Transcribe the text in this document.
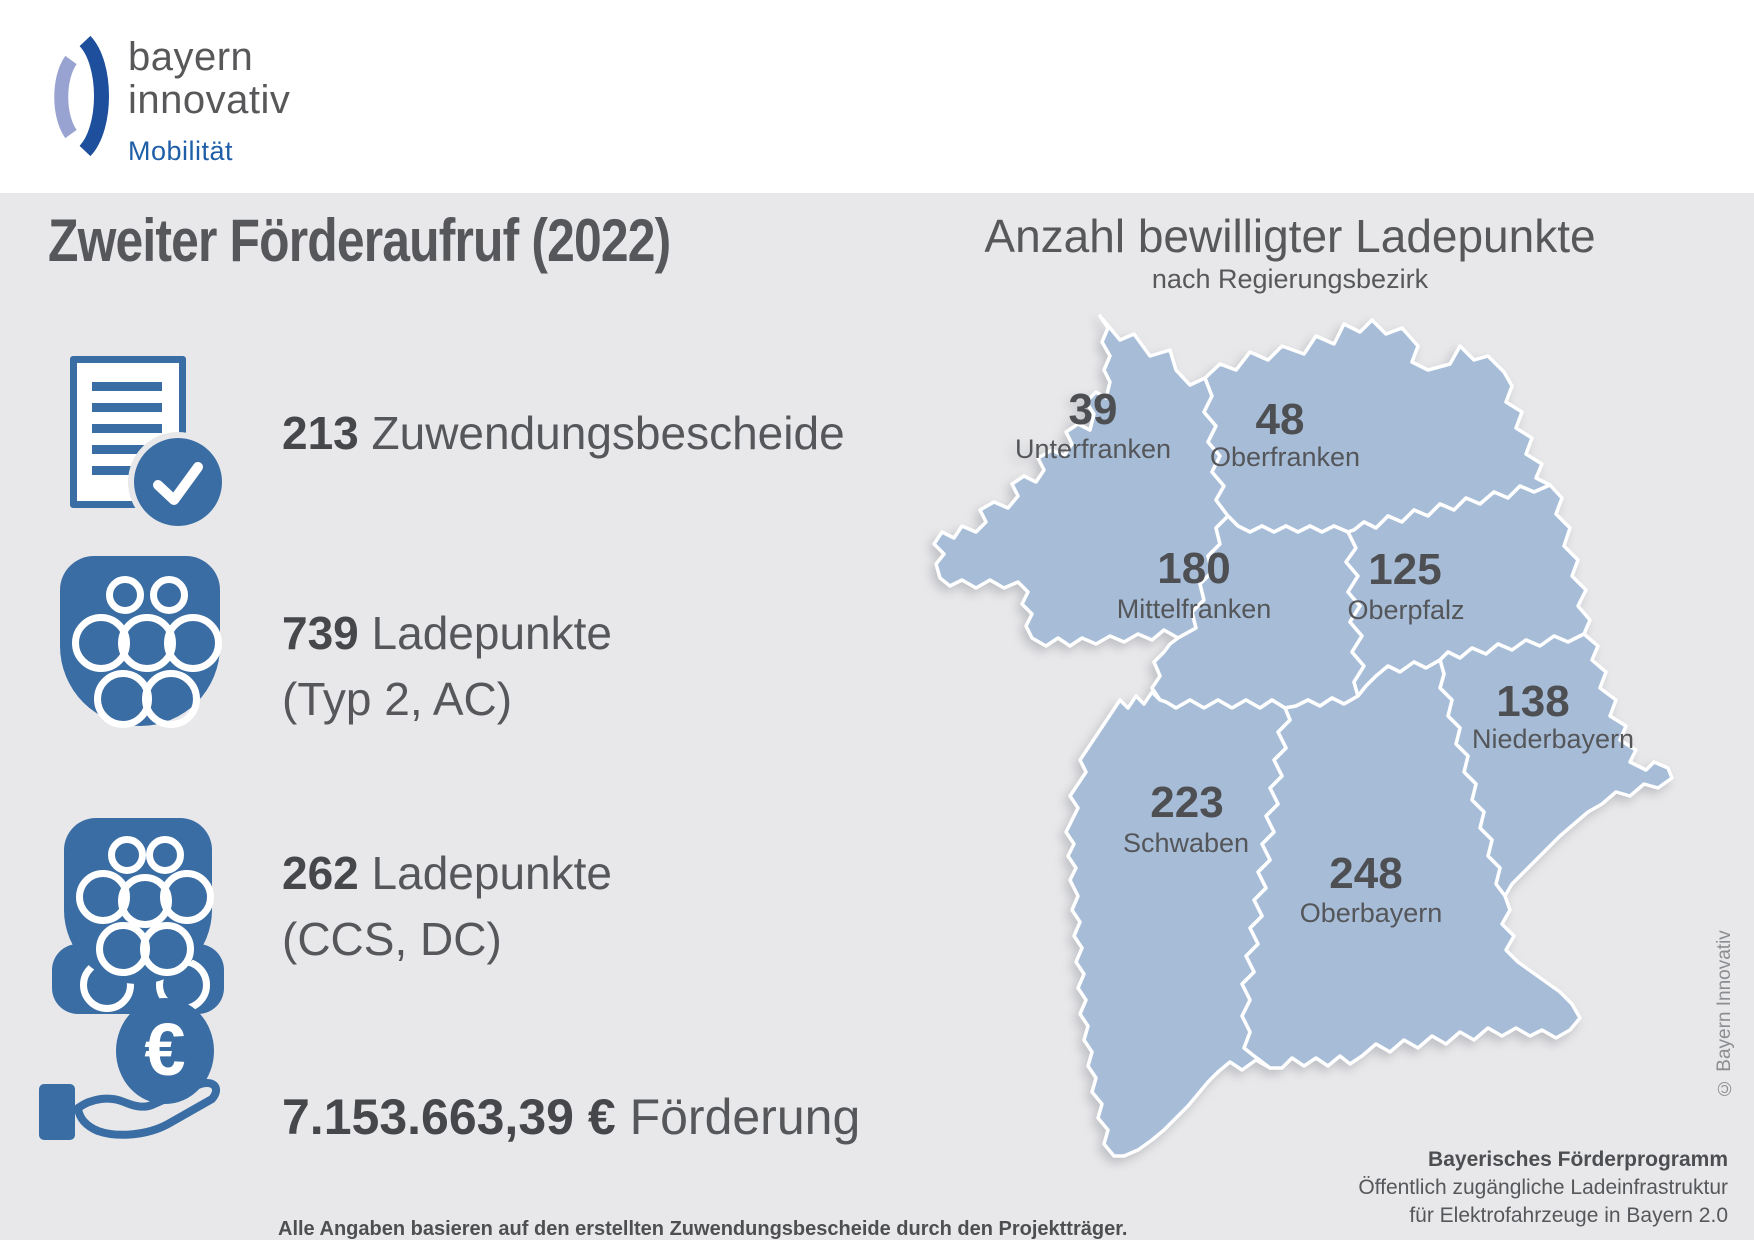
bayern
innovativ
Mobilität
Zweiter Förderaufruf (2022)
213 Zuwendungsbescheide
739 Ladepunkte
(Typ 2, AC)
262 Ladepunkte
(CCS, DC)
€
7.153.663,39 € Förderung
Anzahl bewilligter Ladepunkte
nach Regierungsbezirk
39
Unterfranken
48
Oberfranken
180
Mittelfranken
125
Oberpfalz
138
Niederbayern
223
Schwaben
248
Oberbayern
Alle Angaben basieren auf den erstellten Zuwendungsbescheide durch den Projektträger.
Bayerisches Förderprogramm
Öffentlich zugängliche Ladeinfrastruktur
für Elektrofahrzeuge in Bayern 2.0
© Bayern Innovativ
